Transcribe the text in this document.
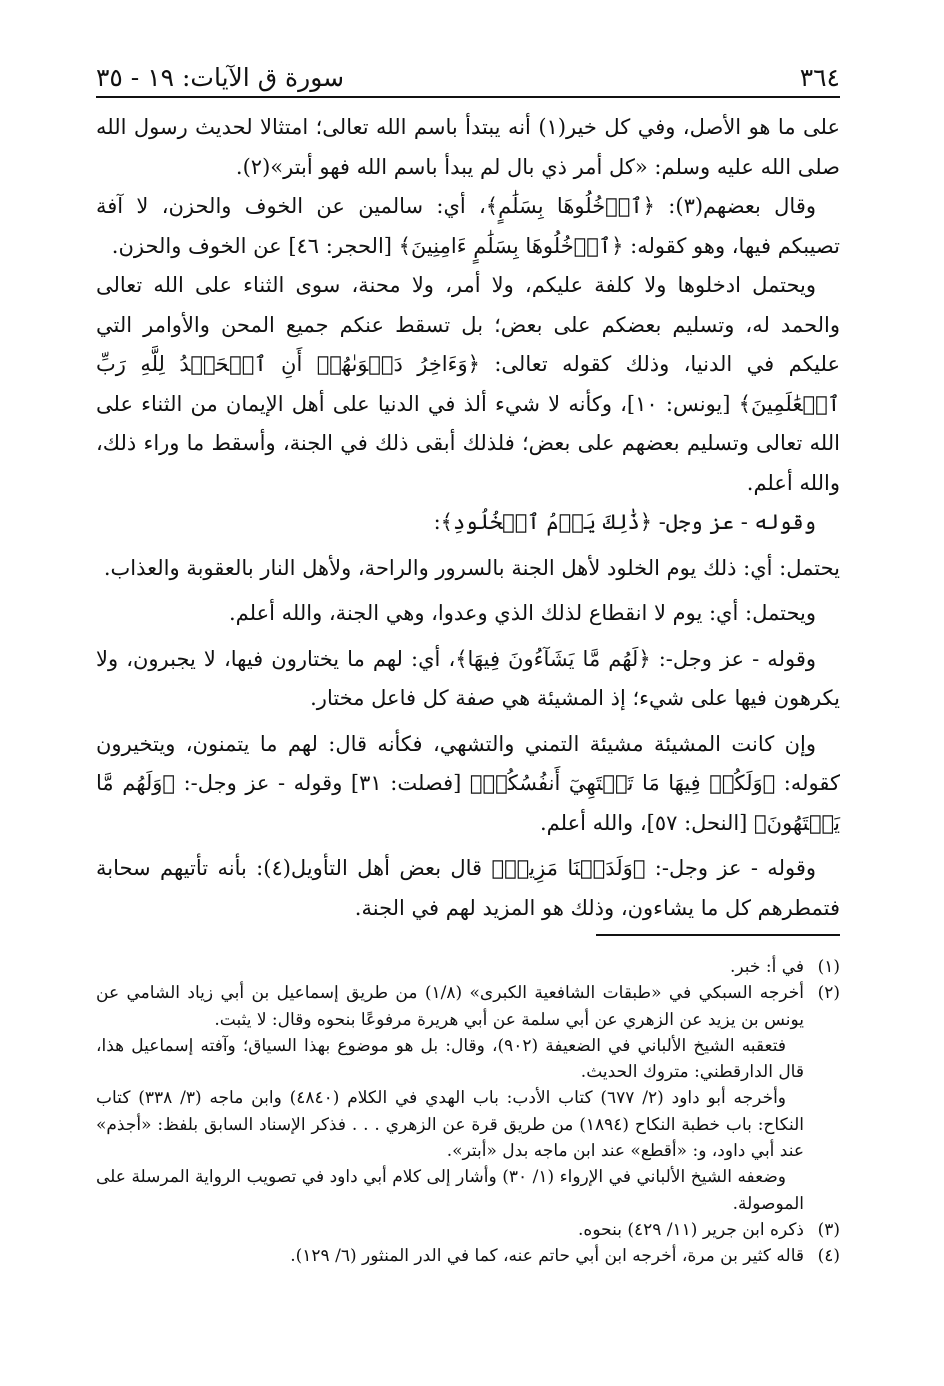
٣٦٤
سورة ق الآيات: ١٩ - ٣٥

على ما هو الأصل، وفي كل خير(١) أنه يبتدأ باسم الله تعالى؛ امتثالا لحديث رسول الله صلى الله عليه وسلم: «كل أمر ذي بال لم يبدأ باسم الله فهو أبتر»(٢).

وقال بعضهم(٣): ﴿ٱدۡخُلُوهَا بِسَلَٰمٍ﴾، أي: سالمين عن الخوف والحزن، لا آفة تصيبكم فيها، وهو كقوله: ﴿ٱدۡخُلُوهَا بِسَلَٰمٍ ءَامِنِينَ﴾ [الحجر: ٤٦] عن الخوف والحزن.

ويحتمل ادخلوها ولا كلفة عليكم، ولا أمر، ولا محنة، سوى الثناء على الله تعالى والحمد له، وتسليم بعضكم على بعض؛ بل تسقط عنكم جميع المحن والأوامر التي عليكم في الدنيا، وذلك كقوله تعالى: ﴿وَءَاخِرُ دَعۡوَىٰهُمۡ أَنِ ٱلۡحَمۡدُ لِلَّهِ رَبِّ ٱلۡعَٰلَمِينَ﴾ [يونس: ١٠]، وكأنه لا شيء ألذ في الدنيا على أهل الإيمان من الثناء على الله تعالى وتسليم بعضهم على بعض؛ فلذلك أبقى ذلك في الجنة، وأسقط ما وراء ذلك، والله أعلم.

وقوله - عز وجل- ﴿ذَٰلِكَ يَوۡمُ ٱلۡخُلُودِ﴾:

يحتمل: أي: ذلك يوم الخلود لأهل الجنة بالسرور والراحة، ولأهل النار بالعقوبة والعذاب.

ويحتمل: أي: يوم لا انقطاع لذلك الذي وعدوا، وهي الجنة، والله أعلم.

وقوله - عز وجل-: ﴿لَهُم مَّا يَشَآءُونَ فِيهَا﴾، أي: لهم ما يختارون فيها، لا يجبرون، ولا يكرهون فيها على شيء؛ إذ المشيئة هي صفة كل فاعل مختار.

وإن كانت المشيئة مشيئة التمني والتشهي، فكأنه قال: لهم ما يتمنون، ويتخيرون كقوله: ﴿وَلَكُمۡ فِيهَا مَا تَشۡتَهِيٓ أَنفُسُكُمۡ﴾ [فصلت: ٣١] وقوله - عز وجل-: ﴿وَلَهُم مَّا يَشۡتَهُونَ﴾ [النحل: ٥٧]، والله أعلم.

وقوله - عز وجل-: ﴿وَلَدَيۡنَا مَزِيدٞ﴾ قال بعض أهل التأويل(٤): بأنه تأتيهم سحابة فتمطرهم كل ما يشاءون، وذلك هو المزيد لهم في الجنة.

(١)
في أ: خبر.
(٢)
أخرجه السبكي في «طبقات الشافعية الكبرى» (١/٨) من طريق إسماعيل بن أبي زياد الشامي عن يونس بن يزيد عن الزهري عن أبي سلمة عن أبي هريرة مرفوعًا بنحوه وقال: لا يثبت.
فتعقبه الشيخ الألباني في الضعيفة (٩٠٢)، وقال: بل هو موضوع بهذا السياق؛ وآفته إسماعيل هذا، قال الدارقطني: متروك الحديث.
وأخرجه أبو داود (٢/ ٦٧٧) كتاب الأدب: باب الهدي في الكلام (٤٨٤٠) وابن ماجه (٣/ ٣٣٨) كتاب النكاح: باب خطبة النكاح (١٨٩٤) من طريق قرة عن الزهري . . . فذكر الإسناد السابق بلفظ: «أجذم» عند أبي داود، و: «أقطع» عند ابن ماجه بدل «أبتر».
وضعفه الشيخ الألباني في الإرواء (١/ ٣٠) وأشار إلى كلام أبي داود في تصويب الرواية المرسلة على الموصولة.
(٣)
ذكره ابن جرير (١١/ ٤٢٩) بنحوه.
(٤)
قاله كثير بن مرة، أخرجه ابن أبي حاتم عنه، كما في الدر المنثور (٦/ ١٢٩).
